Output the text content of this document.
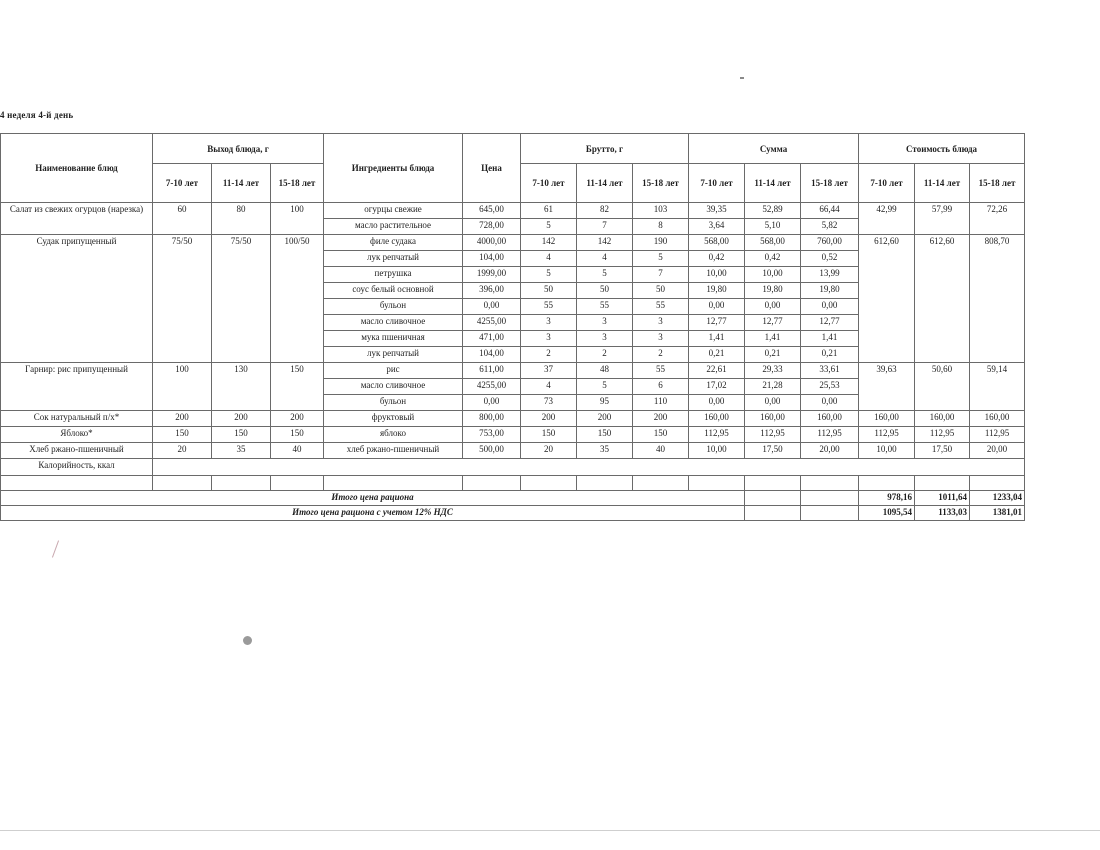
4 неделя 4-й день
Наименование блюд	Выход блюда, г			Ингредиенты блюда	Цена	Брутто, г			Сумма			Стоимость блюда		
	7-10 лет	11-14 лет	15-18 лет			7-10 лет	11-14 лет	15-18 лет	7-10 лет	11-14 лет	15-18 лет	7-10 лет	11-14 лет	15-18 лет
Салат из свежих огурцов (нарезка)	60	80	100	огурцы свежие	645,00	61	82	103	39,35	52,89	66,44	42,99	57,99	72,26
				масло растительное	728,00	5	7	8	3,64	5,10	5,82			
Судак припущенный	75/50	75/50	100/50	филе судака	4000,00	142	142	190	568,00	568,00	760,00	612,60	612,60	808,70
				лук репчатый	104,00	4	4	5	0,42	0,42	0,52			
				петрушка	1999,00	5	5	7	10,00	10,00	13,99			
				соус белый основной	396,00	50	50	50	19,80	19,80	19,80			
				бульон	0,00	55	55	55	0,00	0,00	0,00			
				масло сливочное	4255,00	3	3	3	12,77	12,77	12,77			
				мука пшеничная	471,00	3	3	3	1,41	1,41	1,41			
				лук репчатый	104,00	2	2	2	0,21	0,21	0,21			
Гарнир: рис припущенный	100	130	150	рис	611,00	37	48	55	22,61	29,33	33,61	39,63	50,60	59,14
				масло сливочное	4255,00	4	5	6	17,02	21,28	25,53			
				бульон	0,00	73	95	110	0,00	0,00	0,00			
Сок натуральный п/х*	200	200	200	фруктовый	800,00	200	200	200	160,00	160,00	160,00	160,00	160,00	160,00
Яблоко*	150	150	150	яблоко	753,00	150	150	150	112,95	112,95	112,95	112,95	112,95	112,95
Хлеб ржано-пшеничный	20	35	40	хлеб ржано-пшеничный	500,00	20	35	40	10,00	17,50	20,00	10,00	17,50	20,00
Калорийность, ккал														

Итого цена рациона												978,16	1011,64	1233,04
Итого цена рациона с учетом 12% НДС												1095,54	1133,03	1381,01
